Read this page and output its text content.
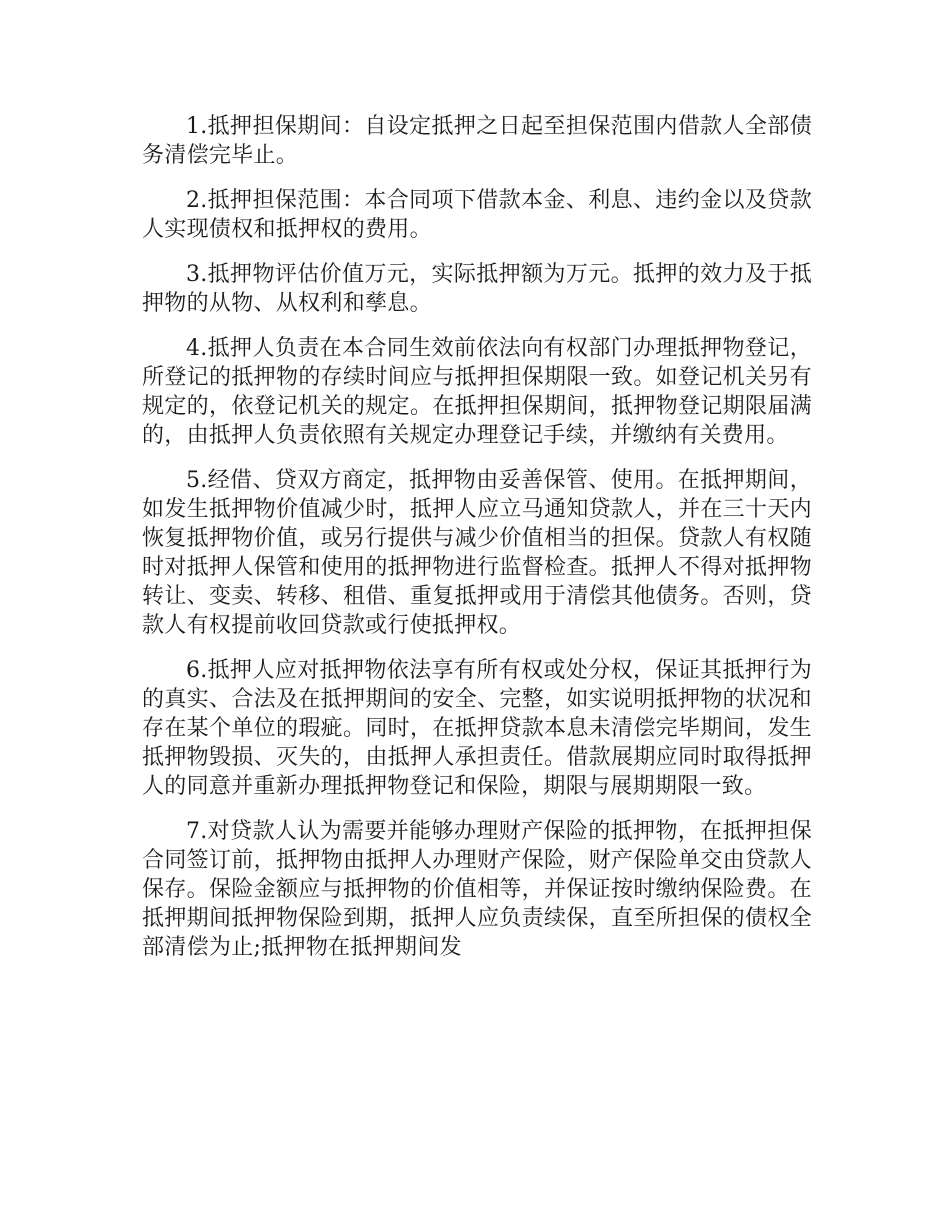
1.抵押担保期间：自设定抵押之日起至担保范围内借款人全部债务清偿完毕止。

2.抵押担保范围：本合同项下借款本金、利息、违约金以及贷款人实现债权和抵押权的费用。

3.抵押物评估价值万元，实际抵押额为万元。抵押的效力及于抵押物的从物、从权利和孳息。

4.抵押人负责在本合同生效前依法向有权部门办理抵押物登记，所登记的抵押物的存续时间应与抵押担保期限一致。如登记机关另有规定的，依登记机关的规定。在抵押担保期间，抵押物登记期限届满的，由抵押人负责依照有关规定办理登记手续，并缴纳有关费用。

5.经借、贷双方商定，抵押物由妥善保管、使用。在抵押期间，如发生抵押物价值减少时，抵押人应立马通知贷款人，并在三十天内恢复抵押物价值，或另行提供与减少价值相当的担保。贷款人有权随时对抵押人保管和使用的抵押物进行监督检查。抵押人不得对抵押物转让、变卖、转移、租借、重复抵押或用于清偿其他债务。否则，贷款人有权提前收回贷款或行使抵押权。

6.抵押人应对抵押物依法享有所有权或处分权，保证其抵押行为的真实、合法及在抵押期间的安全、完整，如实说明抵押物的状况和存在某个单位的瑕疵。同时，在抵押贷款本息未清偿完毕期间，发生抵押物毁损、灭失的，由抵押人承担责任。借款展期应同时取得抵押人的同意并重新办理抵押物登记和保险，期限与展期期限一致。

7.对贷款人认为需要并能够办理财产保险的抵押物，在抵押担保合同签订前，抵押物由抵押人办理财产保险，财产保险单交由贷款人保存。保险金额应与抵押物的价值相等，并保证按时缴纳保险费。在抵押期间抵押物保险到期，抵押人应负责续保，直至所担保的债权全部清偿为止;抵押物在抵押期间发
